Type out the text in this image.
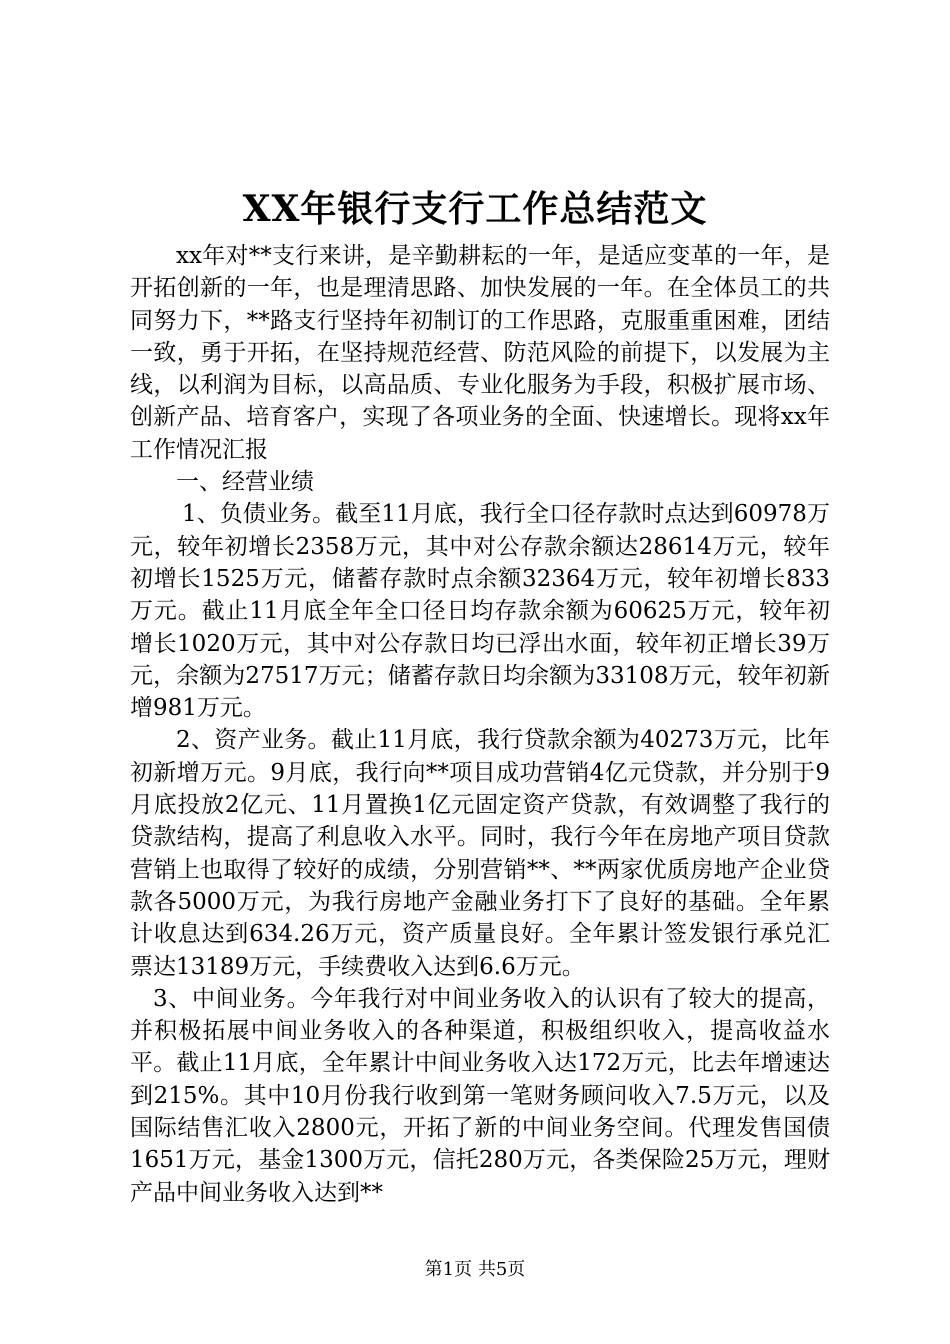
XX年银行支行工作总结范文

xx年对**支行来讲，是辛勤耕耘的一年，是适应变革的一年，是开拓创新的一年，也是理清思路、加快发展的一年。在全体员工的共同努力下，**路支行坚持年初制订的工作思路，克服重重困难，团结一致，勇于开拓，在坚持规范经营、防范风险的前提下，以发展为主线，以利润为目标，以高品质、专业化服务为手段，积极扩展市场、创新产品、培育客户，实现了各项业务的全面、快速增长。现将xx年工作情况汇报

一、经营业绩

1、负债业务。截至11月底，我行全口径存款时点达到60978万元，较年初增长2358万元，其中对公存款余额达28614万元，较年初增长1525万元，储蓄存款时点余额32364万元，较年初增长833万元。截止11月底全年全口径日均存款余额为60625万元，较年初增长1020万元，其中对公存款日均已浮出水面，较年初正增长39万元，余额为27517万元；储蓄存款日均余额为33108万元，较年初新增981万元。

2、资产业务。截止11月底，我行贷款余额为40273万元，比年初新增万元。9月底，我行向**项目成功营销4亿元贷款，并分别于9月底投放2亿元、11月置换1亿元固定资产贷款，有效调整了我行的贷款结构，提高了利息收入水平。同时，我行今年在房地产项目贷款营销上也取得了较好的成绩，分别营销**、**两家优质房地产企业贷款各5000万元，为我行房地产金融业务打下了良好的基础。全年累计收息达到634.26万元，资产质量良好。全年累计签发银行承兑汇票达13189万元，手续费收入达到6.6万元。

3、中间业务。今年我行对中间业务收入的认识有了较大的提高，并积极拓展中间业务收入的各种渠道，积极组织收入，提高收益水平。截止11月底，全年累计中间业务收入达172万元，比去年增速达到215%。其中10月份我行收到第一笔财务顾问收入7.5万元，以及国际结售汇收入2800元，开拓了新的中间业务空间。代理发售国债1651万元，基金1300万元，信托280万元，各类保险25万元，理财产品中间业务收入达到**

第1页 共5页
